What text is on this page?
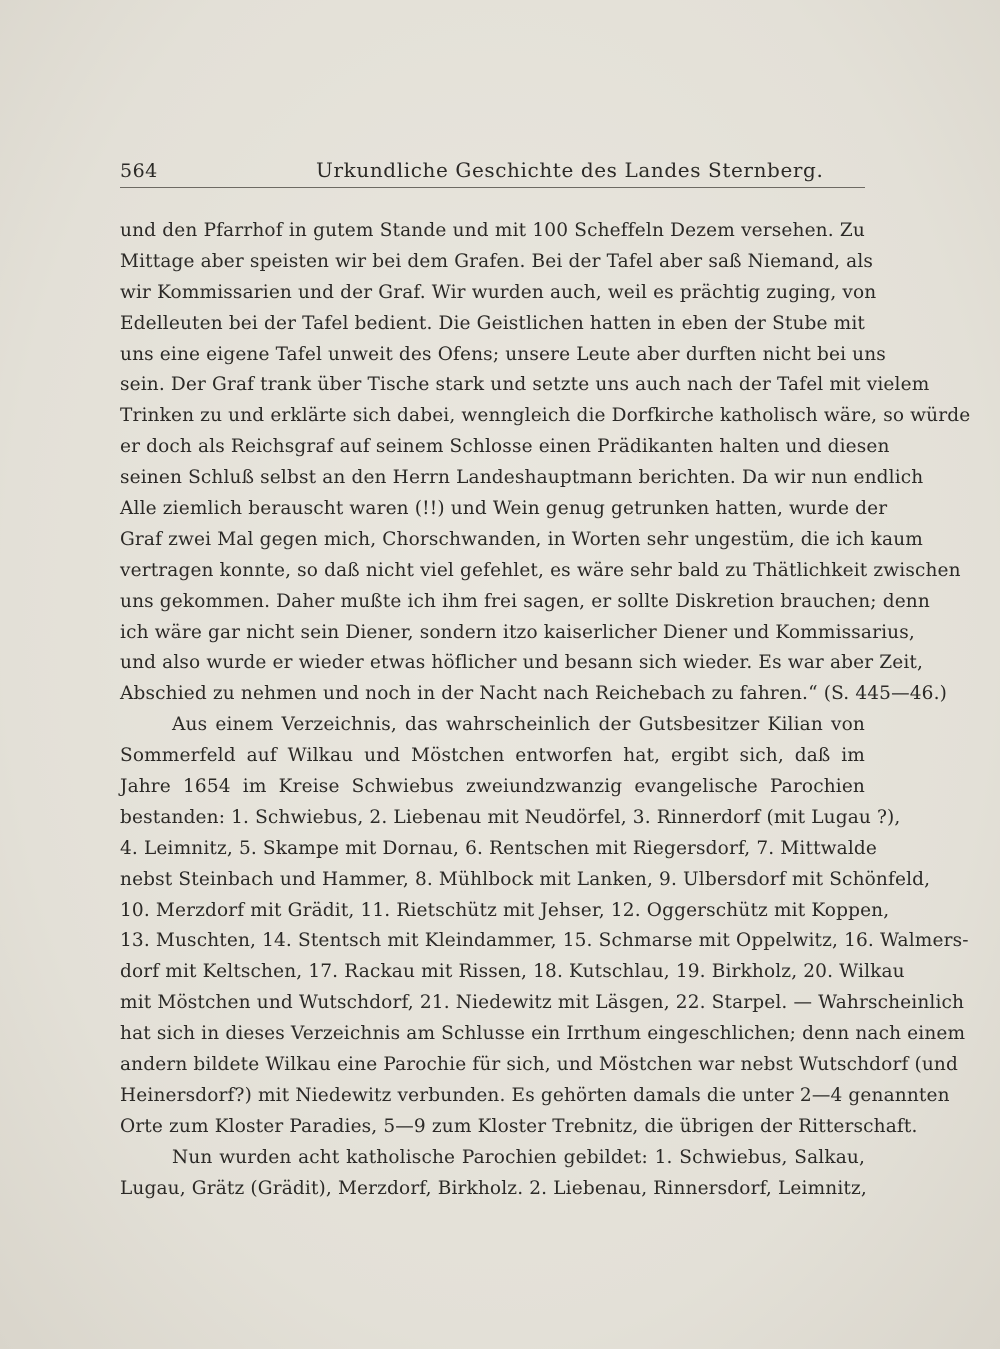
564	Urkundliche Geschichte des Landes Sternberg.
und den Pfarrhof in gutem Stande und mit 100 Scheffeln Dezem versehen. Zu
Mittage aber speisten wir bei dem Grafen. Bei der Tafel aber saß Niemand, als
wir Kommissarien und der Graf. Wir wurden auch, weil es prächtig zuging, von
Edelleuten bei der Tafel bedient. Die Geistlichen hatten in eben der Stube mit
uns eine eigene Tafel unweit des Ofens; unsere Leute aber durften nicht bei uns
sein. Der Graf trank über Tische stark und setzte uns auch nach der Tafel mit vielem
Trinken zu und erklärte sich dabei, wenngleich die Dorfkirche katholisch wäre, so würde
er doch als Reichsgraf auf seinem Schlosse einen Prädikanten halten und diesen
seinen Schluß selbst an den Herrn Landeshauptmann berichten. Da wir nun endlich
Alle ziemlich berauscht waren (!!) und Wein genug getrunken hatten, wurde der
Graf zwei Mal gegen mich, Chorschwanden, in Worten sehr ungestüm, die ich kaum
vertragen konnte, so daß nicht viel gefehlet, es wäre sehr bald zu Thätlichkeit zwischen
uns gekommen. Daher mußte ich ihm frei sagen, er sollte Diskretion brauchen; denn
ich wäre gar nicht sein Diener, sondern itzo kaiserlicher Diener und Kommissarius,
und also wurde er wieder etwas höflicher und besann sich wieder. Es war aber Zeit,
Abschied zu nehmen und noch in der Nacht nach Reichebach zu fahren.“ (S. 445—46.)
Aus einem Verzeichnis, das wahrscheinlich der Gutsbesitzer Kilian von
Sommerfeld auf Wilkau und Möstchen entworfen hat, ergibt sich, daß im
Jahre 1654 im Kreise Schwiebus zweiundzwanzig evangelische Parochien
bestanden: 1. Schwiebus, 2. Liebenau mit Neudörfel, 3. Rinnerdorf (mit Lugau ?),
4. Leimnitz, 5. Skampe mit Dornau, 6. Rentschen mit Riegersdorf, 7. Mittwalde
nebst Steinbach und Hammer, 8. Mühlbock mit Lanken, 9. Ulbersdorf mit Schönfeld,
10. Merzdorf mit Grädit, 11. Rietschütz mit Jehser, 12. Oggerschütz mit Koppen,
13. Muschten, 14. Stentsch mit Kleindammer, 15. Schmarse mit Oppelwitz, 16. Walmers-
dorf mit Keltschen, 17. Rackau mit Rissen, 18. Kutschlau, 19. Birkholz, 20. Wilkau
mit Möstchen und Wutschdorf, 21. Niedewitz mit Läsgen, 22. Starpel. — Wahrscheinlich
hat sich in dieses Verzeichnis am Schlusse ein Irrthum eingeschlichen; denn nach einem
andern bildete Wilkau eine Parochie für sich, und Möstchen war nebst Wutschdorf (und
Heinersdorf?) mit Niedewitz verbunden. Es gehörten damals die unter 2—4 genannten
Orte zum Kloster Paradies, 5—9 zum Kloster Trebnitz, die übrigen der Ritterschaft.
Nun wurden acht katholische Parochien gebildet: 1. Schwiebus, Salkau,
Lugau, Grätz (Grädit), Merzdorf, Birkholz. 2. Liebenau, Rinnersdorf, Leimnitz,
